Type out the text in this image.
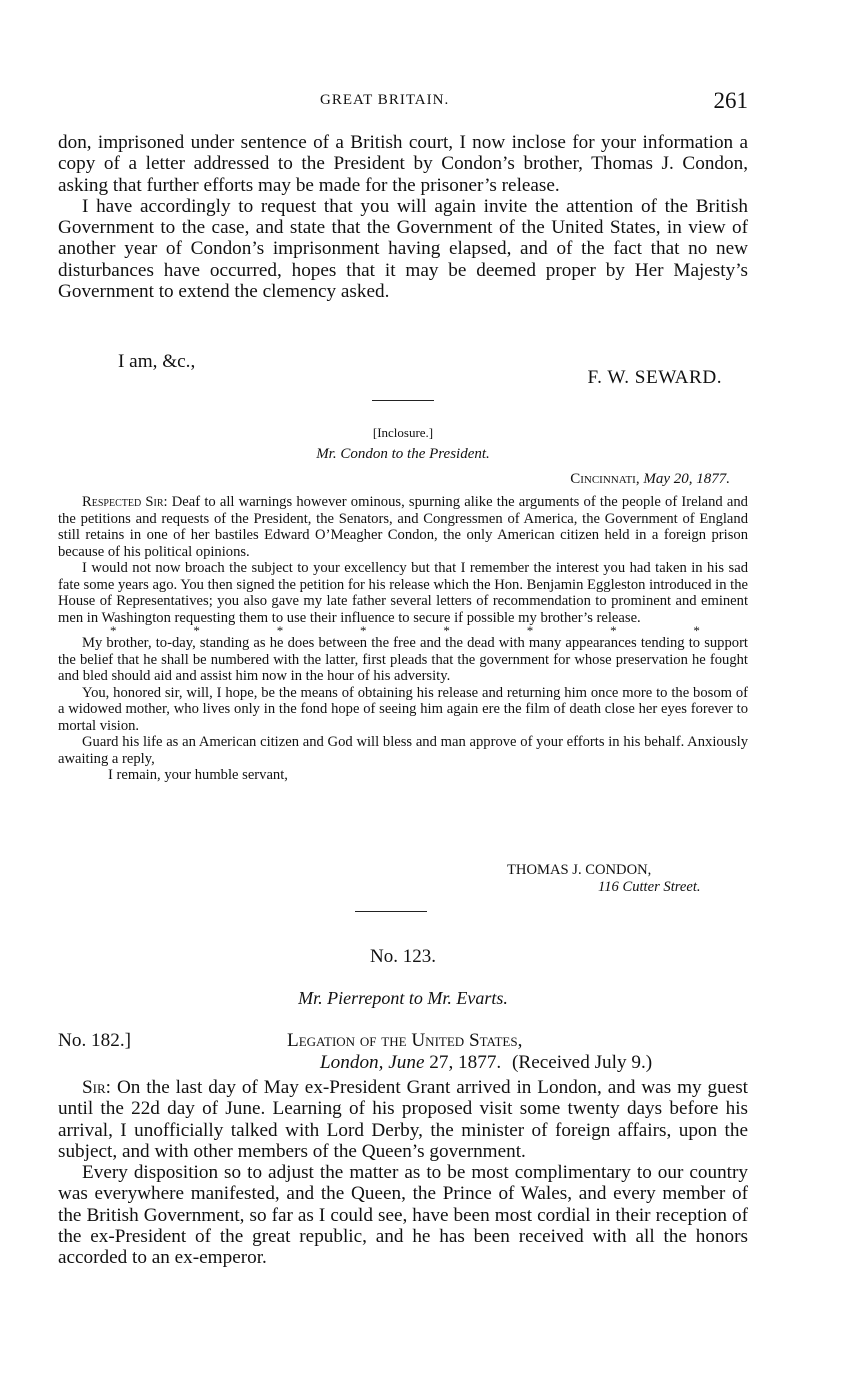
GREAT BRITAIN.	261

don, imprisoned under sentence of a British court, I now inclose for your information a copy of a letter addressed to the President by Condon’s brother, Thomas J. Condon, asking that further efforts may be made for the prisoner’s release.

I have accordingly to request that you will again invite the attention of the British Government to the case, and state that the Government of the United States, in view of another year of Condon’s imprisonment having elapsed, and of the fact that no new disturbances have occurred, hopes that it may be deemed proper by Her Majesty’s Government to extend the clemency asked.

I am, &c.,
F. W. SEWARD.
[Inclosure.]
Mr. Condon to the President.
Cincinnati, May 20, 1877.

Respected Sir: Deaf to all warnings however ominous, spurning alike the arguments of the people of Ireland and the petitions and requests of the President, the Senators, and Congressmen of America, the Government of England still retains in one of her bastiles Edward O’Meagher Condon, the only American citizen held in a foreign prison because of his political opinions.

I would not now broach the subject to your excellency but that I remember the interest you had taken in his sad fate some years ago. You then signed the petition for his release which the Hon. Benjamin Eggleston introduced in the House of Representatives; you also gave my late father several letters of recommendation to prominent and eminent men in Washington requesting them to use their influence to secure if possible my brother’s release.

*	*	*	*	*	*	*	*

My brother, to-day, standing as he does between the free and the dead with many appearances tending to support the belief that he shall be numbered with the latter, first pleads that the government for whose preservation he fought and bled should aid and assist him now in the hour of his adversity.

You, honored sir, will, I hope, be the means of obtaining his release and returning him once more to the bosom of a widowed mother, who lives only in the fond hope of seeing him again ere the film of death close her eyes forever to mortal vision.

Guard his life as an American citizen and God will bless and man approve of your efforts in his behalf. Anxiously awaiting a reply,

I remain, your humble servant,

THOMAS J. CONDON,
116 Cutter Street.
No. 123.
Mr. Pierrepont to Mr. Evarts.
No. 182.]	Legation of the United States,
London, June 27, 1877. (Received July 9.)

Sir: On the last day of May ex-President Grant arrived in London, and was my guest until the 22d day of June. Learning of his proposed visit some twenty days before his arrival, I unofficially talked with Lord Derby, the minister of foreign affairs, upon the subject, and with other members of the Queen’s government.

Every disposition so to adjust the matter as to be most complimentary to our country was everywhere manifested, and the Queen, the Prince of Wales, and every member of the British Government, so far as I could see, have been most cordial in their reception of the ex-President of the great republic, and he has been received with all the honors accorded to an ex-emperor.
